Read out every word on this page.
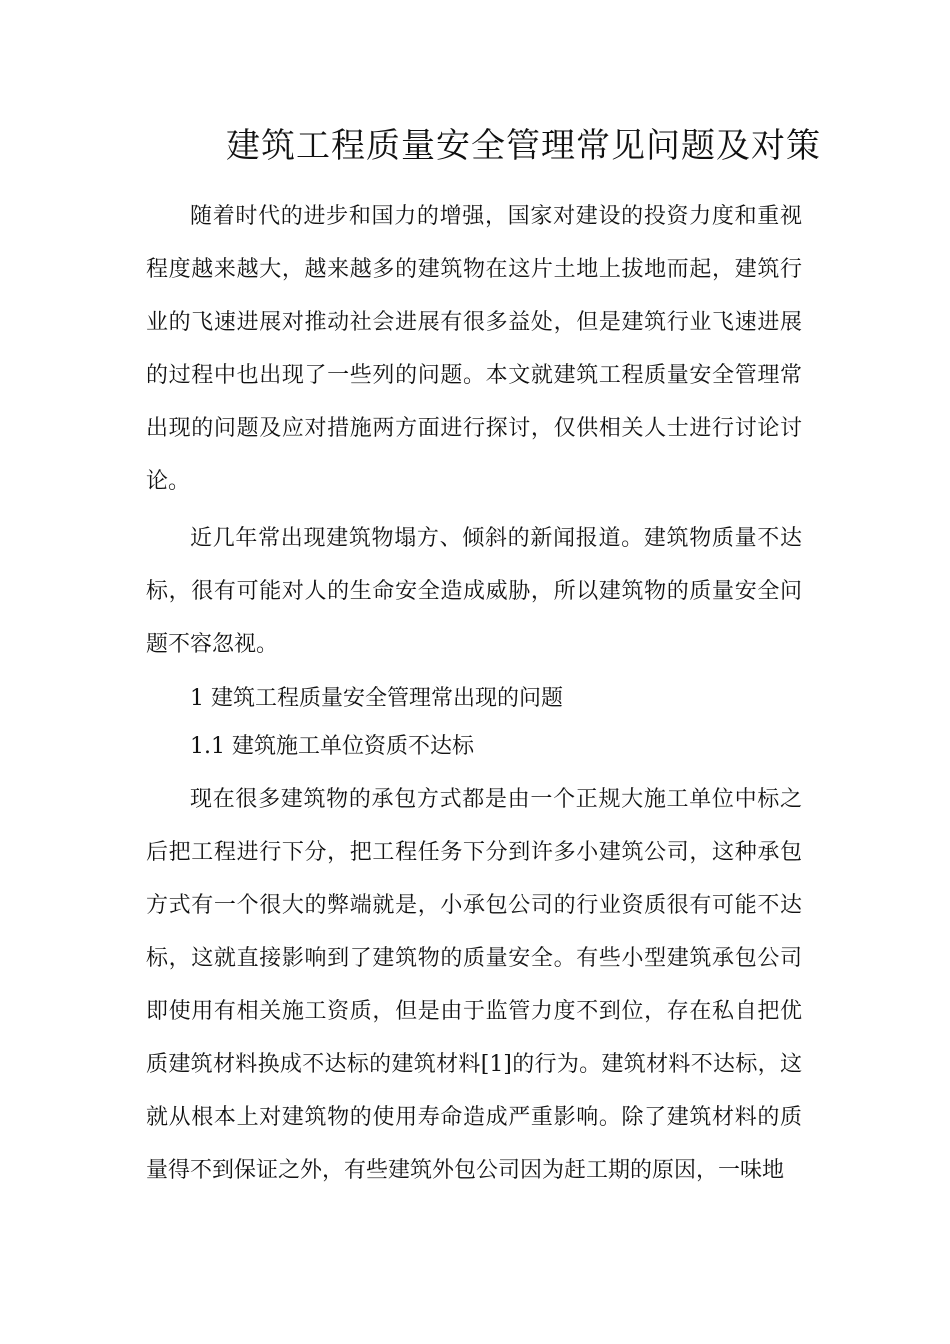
建筑工程质量安全管理常见问题及对策

随着时代的进步和国力的增强，国家对建设的投资力度和重视程度越来越大，越来越多的建筑物在这片土地上拔地而起，建筑行业的飞速进展对推动社会进展有很多益处，但是建筑行业飞速进展的过程中也出现了一些列的问题。本文就建筑工程质量安全管理常出现的问题及应对措施两方面进行探讨，仅供相关人士进行讨论讨论。

近几年常出现建筑物塌方、倾斜的新闻报道。建筑物质量不达标，很有可能对人的生命安全造成威胁，所以建筑物的质量安全问题不容忽视。

1 建筑工程质量安全管理常出现的问题

1.1 建筑施工单位资质不达标

现在很多建筑物的承包方式都是由一个正规大施工单位中标之后把工程进行下分，把工程任务下分到许多小建筑公司，这种承包方式有一个很大的弊端就是，小承包公司的行业资质很有可能不达标，这就直接影响到了建筑物的质量安全。有些小型建筑承包公司即使用有相关施工资质，但是由于监管力度不到位，存在私自把优质建筑材料换成不达标的建筑材料[1]的行为。建筑材料不达标，这就从根本上对建筑物的使用寿命造成严重影响。除了建筑材料的质量得不到保证之外，有些建筑外包公司因为赶工期的原因，一味地
